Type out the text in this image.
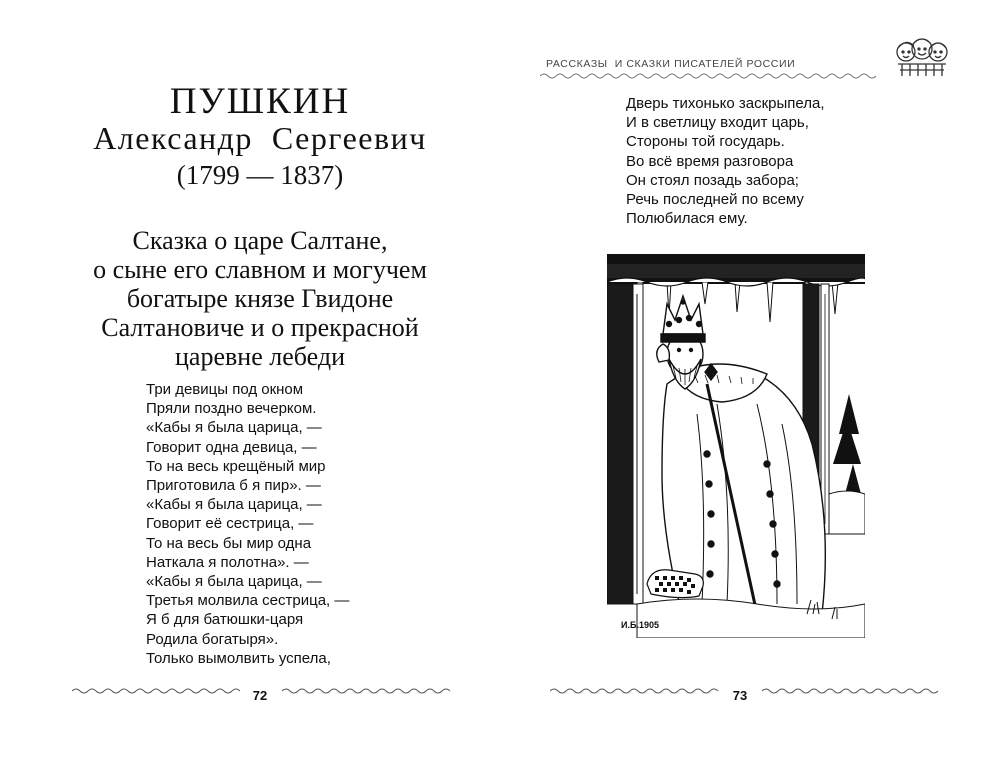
ПУШКИН
Александр  Сергеевич
(1799 — 1837)
Сказка о царе Салтане,
о сыне его славном и могучем
богатыре князе Гвидоне
Салтановиче и о прекрасной
царевне лебеди
Три девицы под окном
Пряли поздно вечерком.
«Кабы я была царица, —
Говорит одна девица, —
То на весь крещёный мир
Приготовила б я пир». —
«Кабы я была царица, —
Говорит её сестрица, —
То на весь бы мир одна
Наткала я полотна». —
«Кабы я была царица, —
Третья молвила сестрица, —
Я б для батюшки-царя
Родила богатыря».
Только вымолвить успела,
72
РАССКАЗЫ  И СКАЗКИ ПИСАТЕЛЕЙ РОССИИ
Дверь тихонько заскрыпела,
И в светлицу входит царь,
Стороны той государь.
Во всё время разговора
Он стоял позадь забора;
Речь последней по всему
Полюбилася ему.
И.Б.1905
73
